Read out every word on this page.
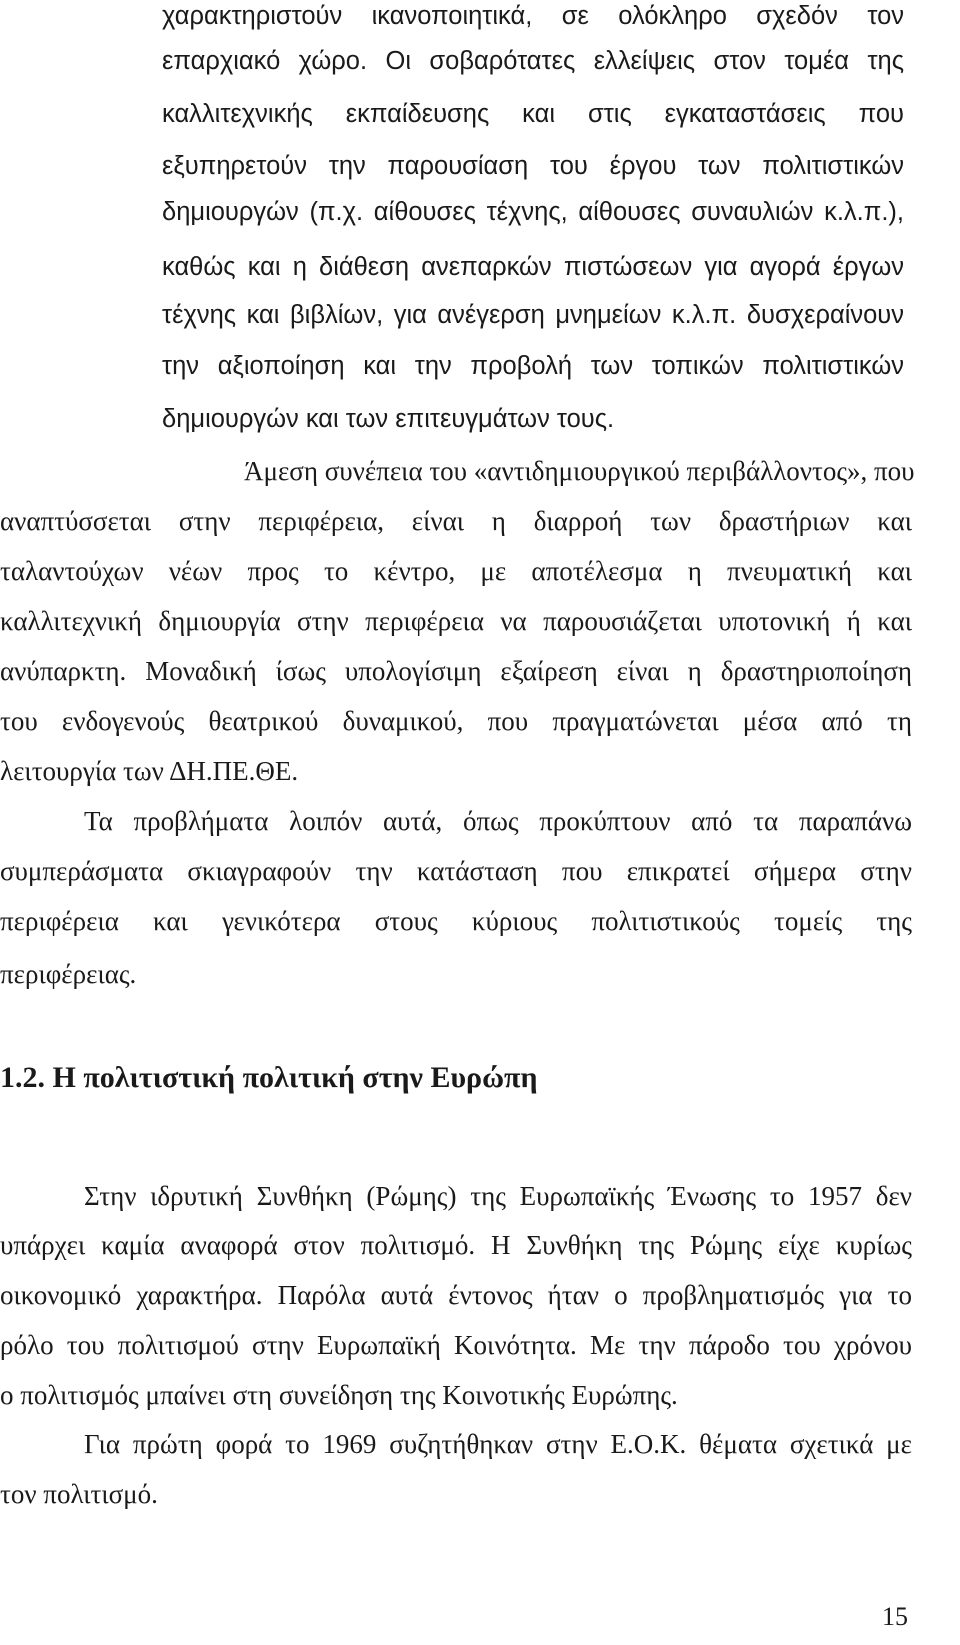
χαρακτηριστούν ικανοποιητικά, σε ολόκληρο σχεδόν τον
επαρχιακό χώρο. Οι σοβαρότατες ελλείψεις στον τομέα της
καλλιτεχνικής εκπαίδευσης και στις εγκαταστάσεις που
εξυπηρετούν την παρουσίαση του έργου των πολιτιστικών
δημιουργών (π.χ. αίθουσες τέχνης, αίθουσες συναυλιών κ.λ.π.),
καθώς και η διάθεση ανεπαρκών πιστώσεων για αγορά έργων
τέχνης και βιβλίων, για ανέγερση μνημείων κ.λ.π. δυσχεραίνουν
την αξιοποίηση και την προβολή των τοπικών πολιτιστικών
δημιουργών και των επιτευγμάτων τους.
Άμεση συνέπεια του «αντιδημιουργικού περιβάλλοντος», που
αναπτύσσεται στην περιφέρεια, είναι η διαρροή των δραστήριων και
ταλαντούχων νέων προς το κέντρο, με αποτέλεσμα η πνευματική και
καλλιτεχνική δημιουργία στην περιφέρεια να παρουσιάζεται υποτονική ή και
ανύπαρκτη. Μοναδική ίσως υπολογίσιμη εξαίρεση είναι η δραστηριοποίηση
του ενδογενούς θεατρικού δυναμικού, που πραγματώνεται μέσα από τη
λειτουργία των ΔΗ.ΠΕ.ΘΕ.
Τα προβλήματα λοιπόν αυτά, όπως προκύπτουν από τα παραπάνω
συμπεράσματα σκιαγραφούν την κατάσταση που επικρατεί σήμερα στην
περιφέρεια και γενικότερα στους κύριους πολιτιστικούς τομείς της
περιφέρειας.
1.2. Η πολιτιστική πολιτική στην Ευρώπη
Στην ιδρυτική Συνθήκη (Ρώμης) της Ευρωπαϊκής Ένωσης το 1957 δεν
υπάρχει καμία αναφορά στον πολιτισμό. Η Συνθήκη της Ρώμης είχε κυρίως
οικονομικό χαρακτήρα. Παρόλα αυτά έντονος ήταν ο προβληματισμός για το
ρόλο του πολιτισμού στην Ευρωπαϊκή Κοινότητα. Με την πάροδο του χρόνου
ο πολιτισμός μπαίνει στη συνείδηση της Κοινοτικής Ευρώπης.
Για πρώτη φορά το 1969 συζητήθηκαν στην Ε.Ο.Κ. θέματα σχετικά με
τον πολιτισμό.
15
